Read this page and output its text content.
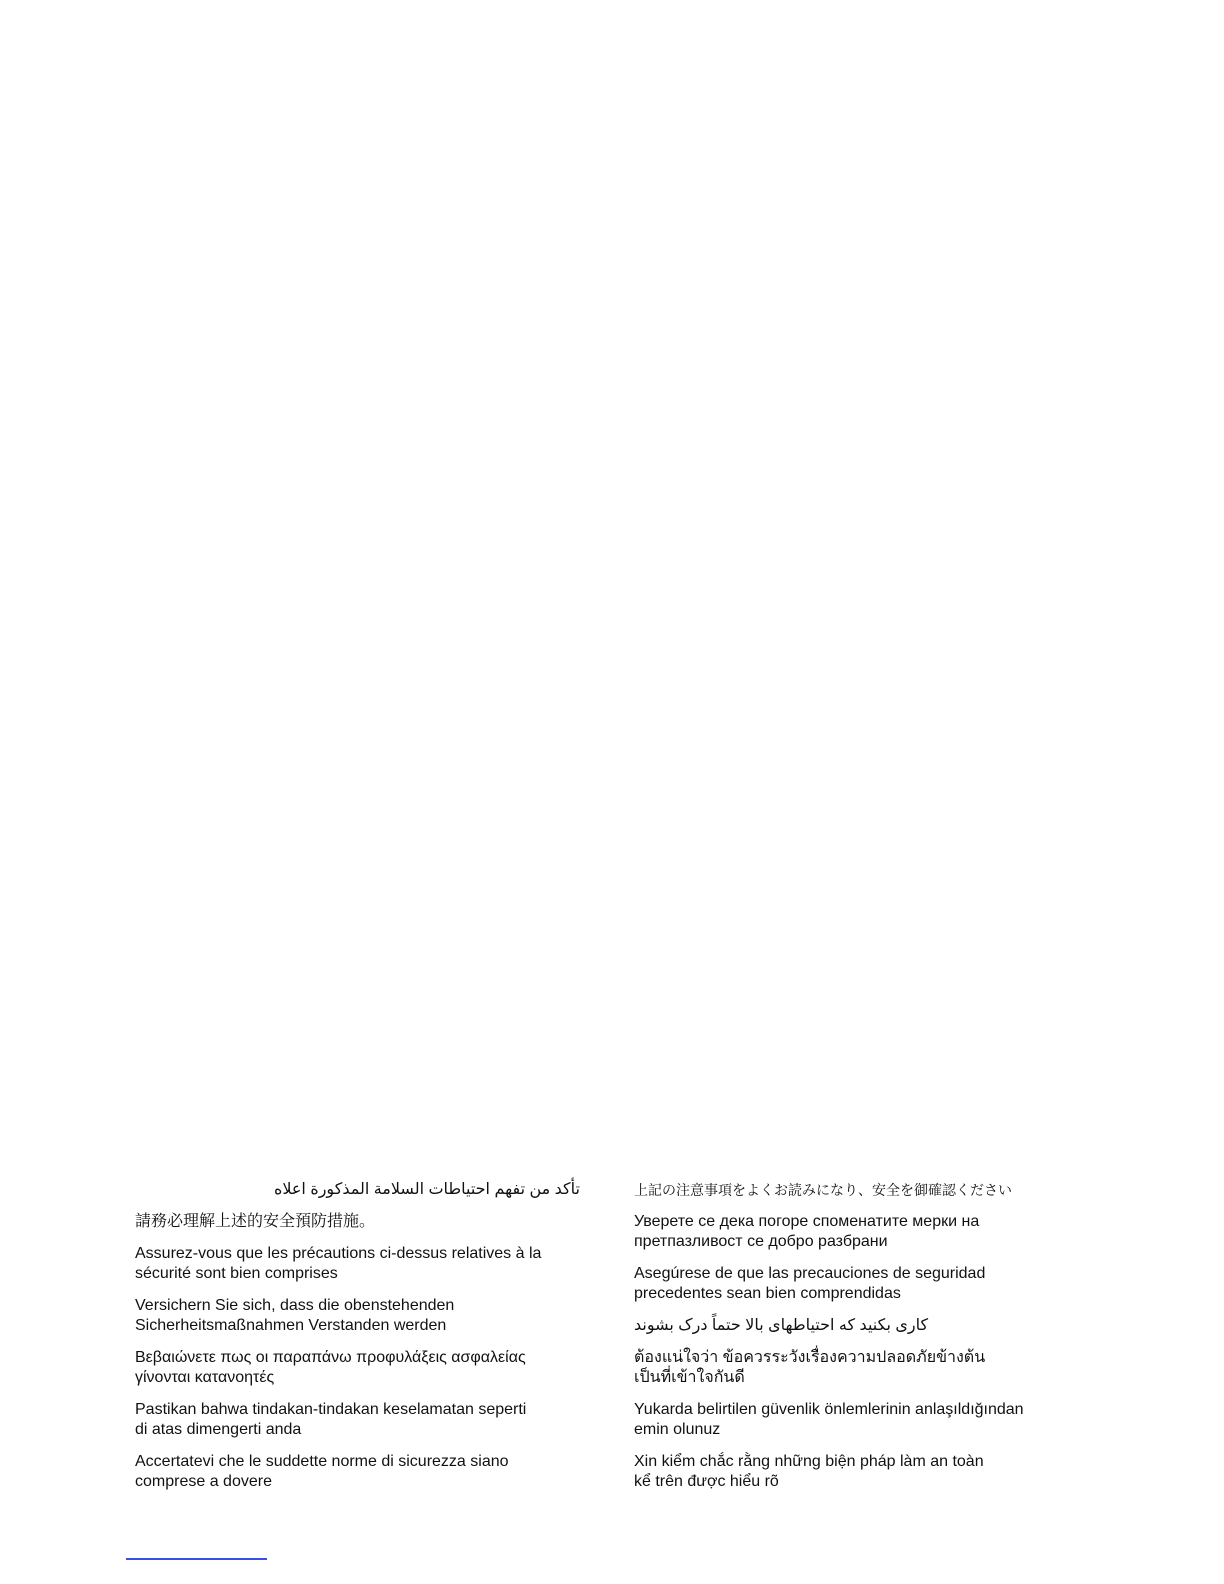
تأكد من تفهم احتياطات السلامة المذكورة اعلاه

請務必理解上述的安全預防措施。

Assurez-vous que les précautions ci-dessus relatives à la
sécurité sont bien comprises

Versichern Sie sich, dass die obenstehenden
Sicherheitsmaßnahmen Verstanden werden

Βεβαιώνετε πως οι παραπάνω προφυλάξεις ασφαλείας
γίνονται κατανοητές

Pastikan bahwa tindakan-tindakan keselamatan seperti
di atas dimengerti anda

Accertatevi che le suddette norme di sicurezza siano
comprese a dovere

上記の注意事項をよくお読みになり、安全を御確認ください

Уверете се дека погоре споменатите мерки на
претпазливост се добро разбрани

Asegúrese de que las precauciones de seguridad
precedentes sean bien comprendidas

کاری بکنید که احتیاطهای بالا حتماً درک بشوند

ต้องแน่ใจว่า ข้อควรระวังเรื่องความปลอดภัยข้างต้น
เป็นที่เข้าใจกันดี

Yukarda belirtilen güvenlik önlemlerinin anlaşıldığından
emin olunuz

Xin kiểm chắc rằng những biện pháp làm an toàn
kể trên được hiểu rõ
